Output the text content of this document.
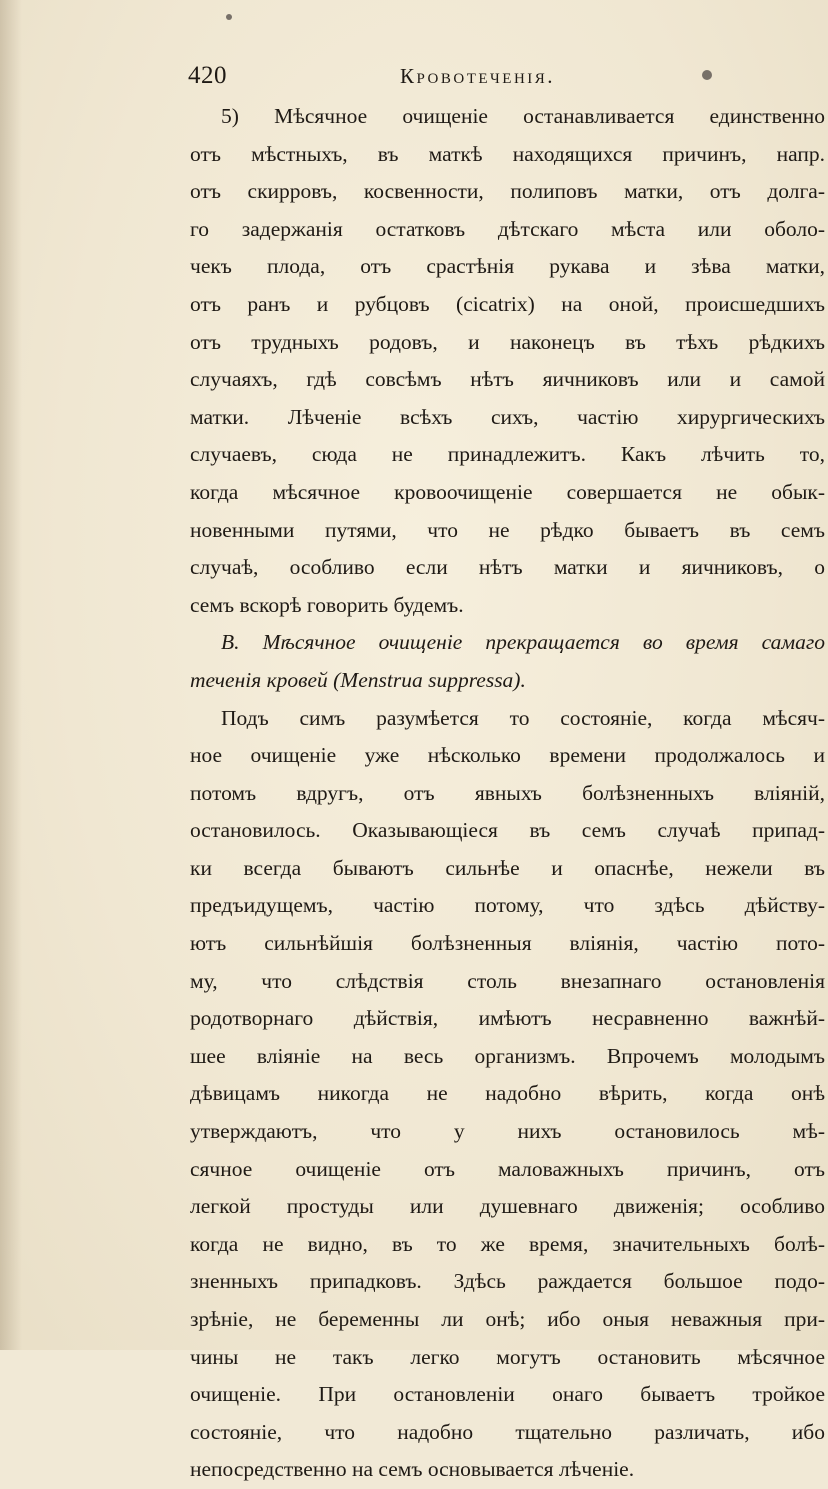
420	Кровотеченія.
5) Мѣсячное очищеніе останавливается единственно
отъ мѣстныхъ, въ маткѣ находящихся причинъ, напр.
отъ скирровъ, косвенности, полиповъ матки, отъ долга-
го задержанія остатковъ дѣтскаго мѣста или оболо-
чекъ плода, отъ срастѣнія рукава и зѣва матки,
отъ ранъ и рубцовъ (cicatrix) на оной, происшедшихъ
отъ трудныхъ родовъ, и наконецъ въ тѣхъ рѣдкихъ
случаяхъ, гдѣ совсѣмъ нѣтъ яичниковъ или и самой
матки. Лѣченіе всѣхъ сихъ, частію хирургическихъ
случаевъ, сюда не принадлежитъ. Какъ лѣчить то,
когда мѣсячное кровоочищеніе совершается не обык-
новенными путями, что не рѣдко бываетъ въ семъ
случаѣ, особливо если нѣтъ матки и яичниковъ, о
семъ вскорѣ говорить будемъ.
В. Мѣсячное очищеніе прекращается во время самаго
теченія кровей (Menstrua suppressa).
Подъ симъ разумѣется то состояніе, когда мѣсяч-
ное очищеніе уже нѣсколько времени продолжалось и
потомъ вдругъ, отъ явныхъ болѣзненныхъ вліяній,
остановилось. Оказывающіеся въ семъ случаѣ припад-
ки всегда бываютъ сильнѣе и опаснѣе, нежели въ
предъидущемъ, частію потому, что здѣсь дѣйству-
ютъ сильнѣйшія болѣзненныя вліянія, частію пото-
му, что слѣдствія столь внезапнаго остановленія
родотворнаго дѣйствія, имѣютъ несравненно важнѣй-
шее вліяніе на весь организмъ. Впрочемъ молодымъ
дѣвицамъ никогда не надобно вѣрить, когда онѣ
утверждаютъ, что у нихъ остановилось мѣ-
сячное очищеніе отъ маловажныхъ причинъ, отъ
легкой простуды или душевнаго движенія; особливо
когда не видно, въ то же время, значительныхъ болѣ-
зненныхъ припадковъ. Здѣсь раждается большое подо-
зрѣніе, не беременны ли онѣ; ибо оныя неважныя при-
чины не такъ легко могутъ остановить мѣсячное
очищеніе. При остановленіи онаго бываетъ тройкое
состояніе, что надобно тщательно различать, ибо
непосредственно на семъ основывается лѣченіе.
